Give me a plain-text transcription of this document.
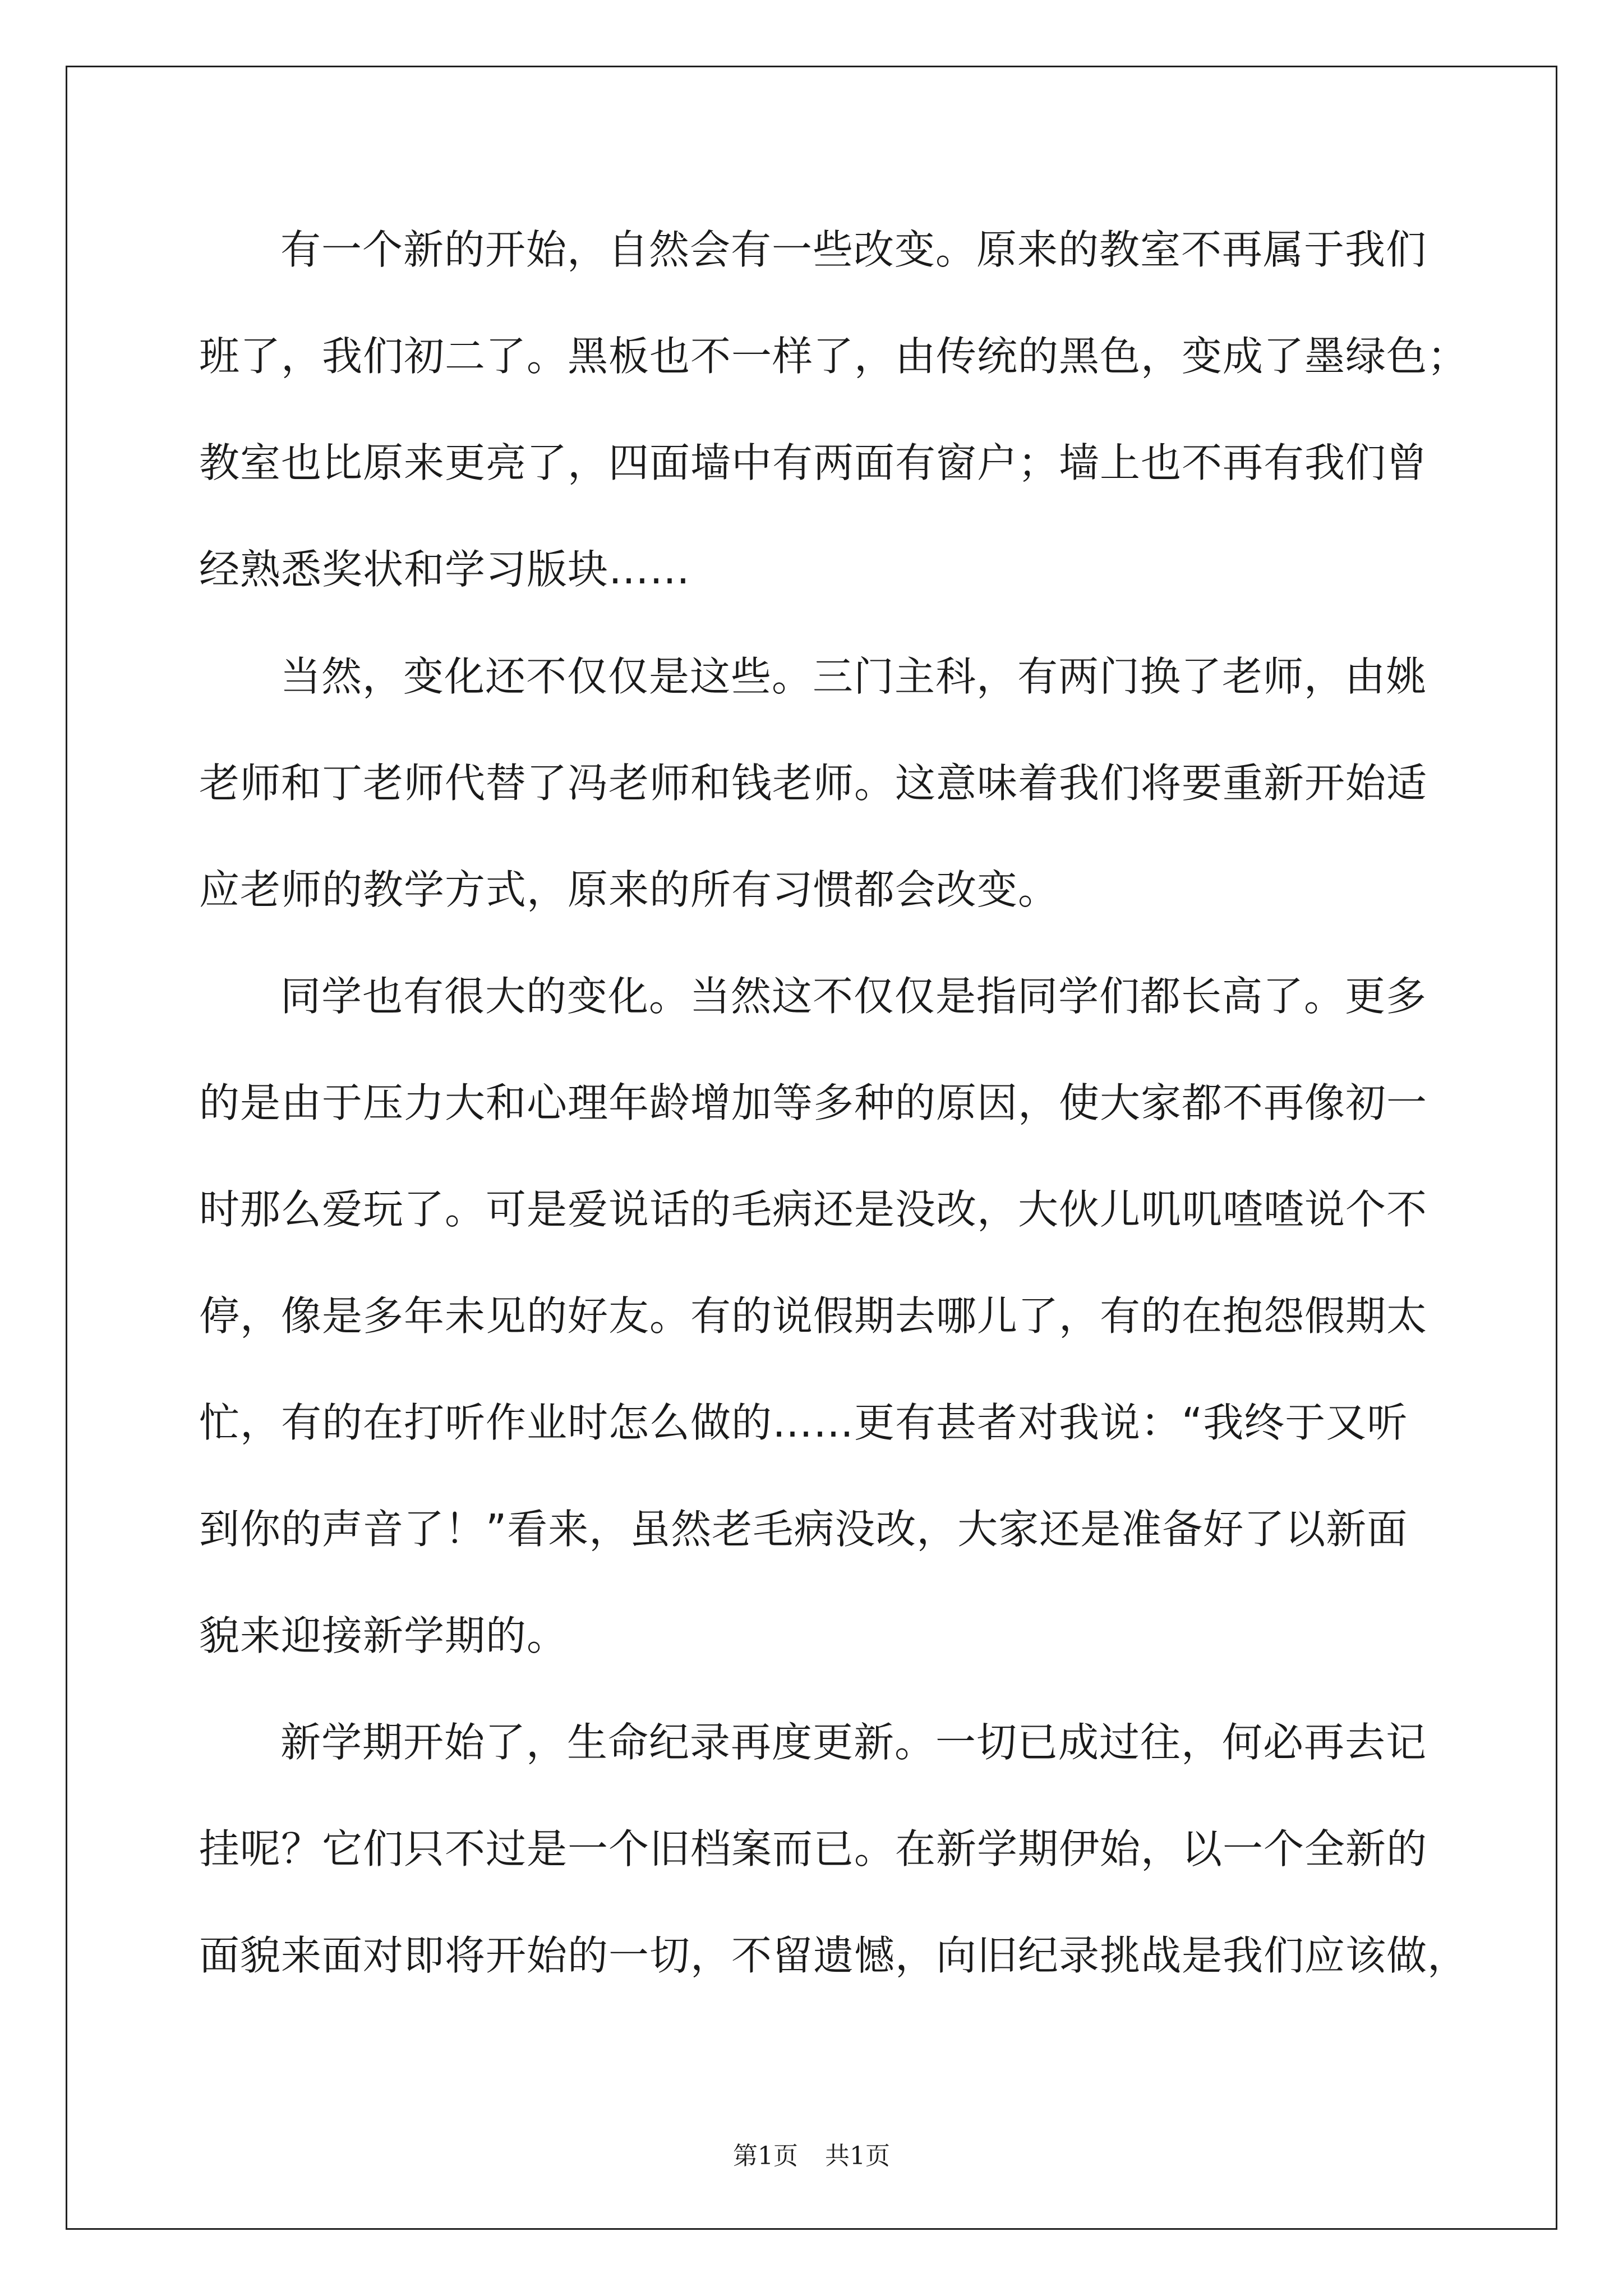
有一个新的开始，自然会有一些改变。原来的教室不再属于我们
班了，我们初二了。黑板也不一样了，由传统的黑色，变成了墨绿色；
教室也比原来更亮了，四面墙中有两面有窗户；墙上也不再有我们曾
经熟悉奖状和学习版块……
当然，变化还不仅仅是这些。三门主科，有两门换了老师，由姚
老师和丁老师代替了冯老师和钱老师。这意味着我们将要重新开始适
应老师的教学方式，原来的所有习惯都会改变。
同学也有很大的变化。当然这不仅仅是指同学们都长高了。更多
的是由于压力大和心理年龄增加等多种的原因，使大家都不再像初一
时那么爱玩了。可是爱说话的毛病还是没改，大伙儿叽叽喳喳说个不
停，像是多年未见的好友。有的说假期去哪儿了，有的在抱怨假期太
忙，有的在打听作业时怎么做的……更有甚者对我说：“我终于又听
到你的声音了！”看来，虽然老毛病没改，大家还是准备好了以新面
貌来迎接新学期的。
新学期开始了，生命纪录再度更新。一切已成过往，何必再去记
挂呢？它们只不过是一个旧档案而已。在新学期伊始，以一个全新的
面貌来面对即将开始的一切，不留遗憾，向旧纪录挑战是我们应该做，
第1页 共1页
